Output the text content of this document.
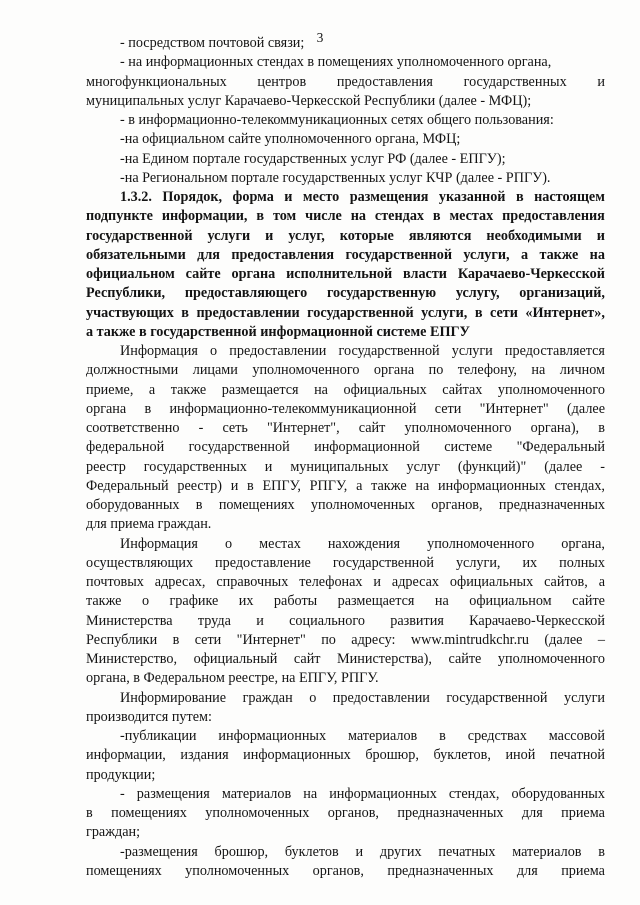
3
- посредством почтовой связи;
- на информационных стендах в помещениях уполномоченного органа,
многофункциональных центров предоставления государственных и
муниципальных услуг Карачаево-Черкесской Республики (далее - МФЦ);
- в информационно-телекоммуникационных сетях общего пользования:
-на официальном сайте уполномоченного органа, МФЦ;
-на Едином портале государственных услуг РФ (далее - ЕПГУ);
-на Региональном портале государственных услуг КЧР (далее - РПГУ).
1.3.2. Порядок, форма и место размещения указанной в настоящем
подпункте информации, в том числе на стендах в местах предоставления
государственной услуги и услуг, которые являются необходимыми и
обязательными для предоставления государственной услуги, а также на
официальном сайте органа исполнительной власти Карачаево-Черкесской
Республики, предоставляющего государственную услугу, организаций,
участвующих в предоставлении государственной услуги, в сети «Интернет»,
а также в государственной информационной системе ЕПГУ
Информация о предоставлении государственной услуги предоставляется
должностными лицами уполномоченного органа по телефону, на личном
приеме, а также размещается на официальных сайтах уполномоченного
органа в информационно-телекоммуникационной сети "Интернет" (далее
соответственно - сеть "Интернет", сайт уполномоченного органа), в
федеральной государственной информационной системе "Федеральный
реестр государственных и муниципальных услуг (функций)" (далее -
Федеральный реестр) и в ЕПГУ, РПГУ, а также на информационных стендах,
оборудованных в помещениях уполномоченных органов, предназначенных
для приема граждан.
Информация о местах нахождения уполномоченного органа,
осуществляющих предоставление государственной услуги, их полных
почтовых адресах, справочных телефонах и адресах официальных сайтов, а
также о графике их работы размещается на официальном сайте
Министерства труда и социального развития Карачаево-Черкесской
Республики в сети "Интернет" по адресу: www.mintrudkchr.ru (далее –
Министерство, официальный сайт Министерства), сайте уполномоченного
органа, в Федеральном реестре, на ЕПГУ, РПГУ.
Информирование граждан о предоставлении государственной услуги
производится путем:
-публикации информационных материалов в средствах массовой
информации, издания информационных брошюр, буклетов, иной печатной
продукции;
- размещения материалов на информационных стендах, оборудованных
в помещениях уполномоченных органов, предназначенных для приема
граждан;
-размещения брошюр, буклетов и других печатных материалов в
помещениях уполномоченных органов, предназначенных для приема
